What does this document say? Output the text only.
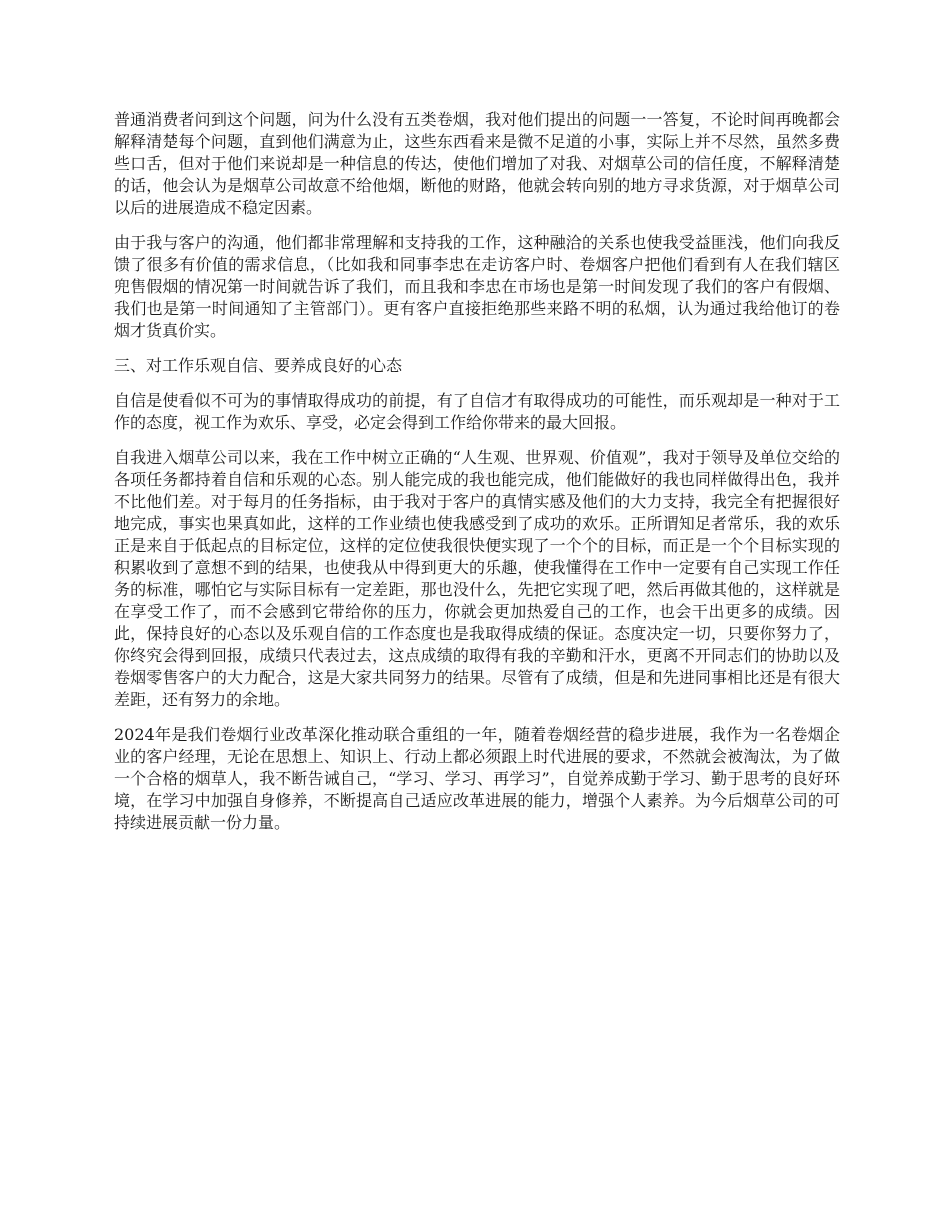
普通消费者问到这个问题，问为什么没有五类卷烟，我对他们提出的问题一一答复，不论时间再晚都会解释清楚每个问题，直到他们满意为止，这些东西看来是微不足道的小事，实际上并不尽然，虽然多费些口舌，但对于他们来说却是一种信息的传达，使他们增加了对我、对烟草公司的信任度，不解释清楚的话，他会认为是烟草公司故意不给他烟，断他的财路，他就会转向别的地方寻求货源，对于烟草公司以后的进展造成不稳定因素。

由于我与客户的沟通，他们都非常理解和支持我的工作，这种融洽的关系也使我受益匪浅，他们向我反馈了很多有价值的需求信息，（比如我和同事李忠在走访客户时、卷烟客户把他们看到有人在我们辖区兜售假烟的情况第一时间就告诉了我们，而且我和李忠在市场也是第一时间发现了我们的客户有假烟、我们也是第一时间通知了主管部门）。更有客户直接拒绝那些来路不明的私烟，认为通过我给他订的卷烟才货真价实。

三、对工作乐观自信、要养成良好的心态

自信是使看似不可为的事情取得成功的前提，有了自信才有取得成功的可能性，而乐观却是一种对于工作的态度，视工作为欢乐、享受，必定会得到工作给你带来的最大回报。

自我进入烟草公司以来，我在工作中树立正确的“人生观、世界观、价值观”，我对于领导及单位交给的各项任务都持着自信和乐观的心态。别人能完成的我也能完成，他们能做好的我也同样做得出色，我并不比他们差。对于每月的任务指标，由于我对于客户的真情实感及他们的大力支持，我完全有把握很好地完成，事实也果真如此，这样的工作业绩也使我感受到了成功的欢乐。正所谓知足者常乐，我的欢乐正是来自于低起点的目标定位，这样的定位使我很快便实现了一个个的目标，而正是一个个目标实现的积累收到了意想不到的结果，也使我从中得到更大的乐趣，使我懂得在工作中一定要有自己实现工作任务的标准，哪怕它与实际目标有一定差距，那也没什么，先把它实现了吧，然后再做其他的，这样就是在享受工作了，而不会感到它带给你的压力，你就会更加热爱自己的工作，也会干出更多的成绩。因此，保持良好的心态以及乐观自信的工作态度也是我取得成绩的保证。态度决定一切，只要你努力了，你终究会得到回报，成绩只代表过去，这点成绩的取得有我的辛勤和汗水，更离不开同志们的协助以及卷烟零售客户的大力配合，这是大家共同努力的结果。尽管有了成绩，但是和先进同事相比还是有很大差距，还有努力的余地。

2024年是我们卷烟行业改革深化推动联合重组的一年，随着卷烟经营的稳步进展，我作为一名卷烟企业的客户经理，无论在思想上、知识上、行动上都必须跟上时代进展的要求，不然就会被淘汰，为了做一个合格的烟草人，我不断告诫自己，“学习、学习、再学习”，自觉养成勤于学习、勤于思考的良好环境，在学习中加强自身修养，不断提高自己适应改革进展的能力，增强个人素养。为今后烟草公司的可持续进展贡献一份力量。
